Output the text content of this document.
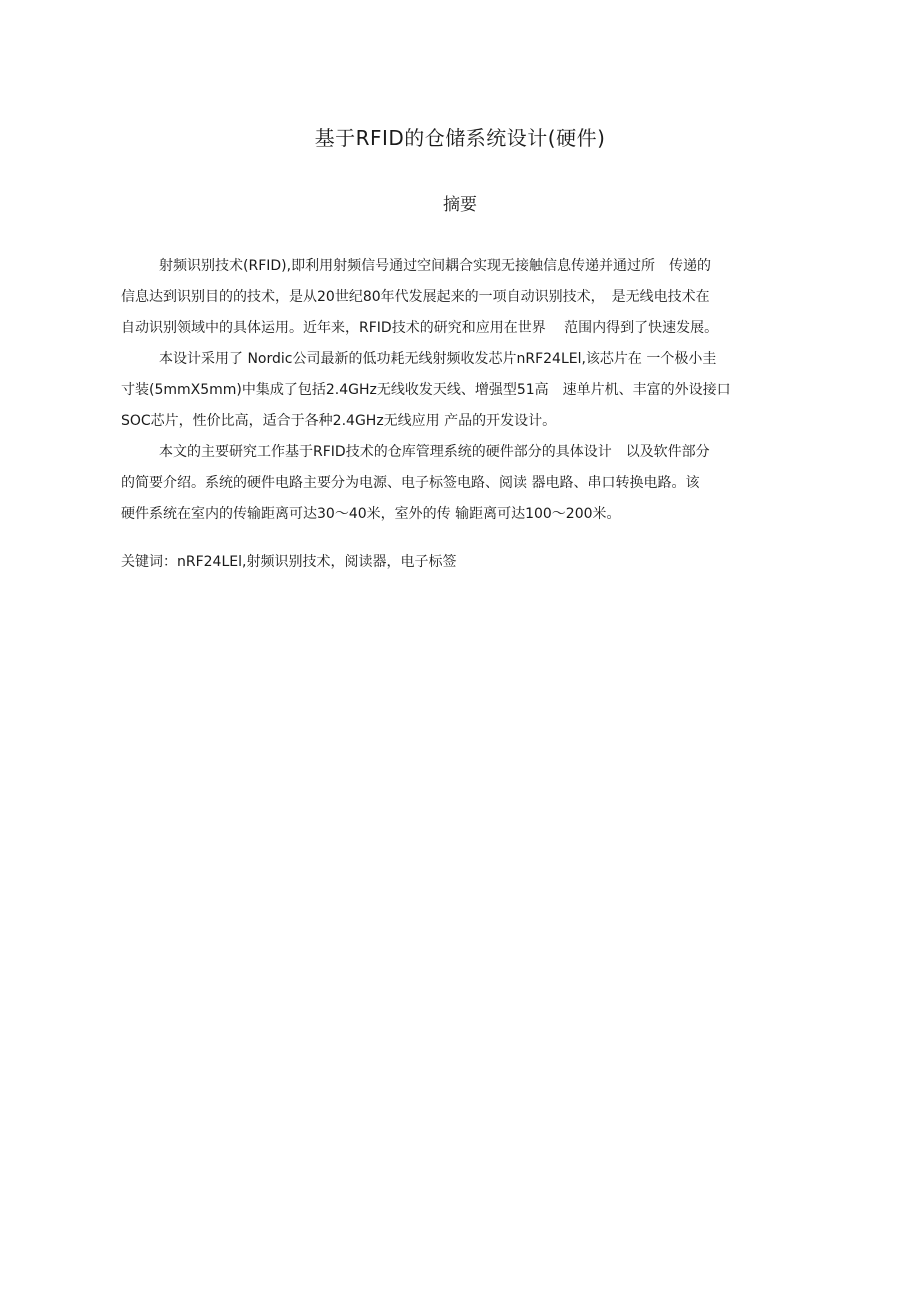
基于RFID的仓储系统设计(硬件)
摘要

射频识别技术(RFID),即利用射频信号通过空间耦合实现无接触信息传递并通过所　传递的
信息达到识别目的的技术，是从20世纪80年代发展起来的一项自动识别技术，　是无线电技术在
自动识别领域中的具体运用。近年来，RFID技术的研究和应用在世界　 范围内得到了快速发展。

本设计采用了 Nordic公司最新的低功耗无线射频收发芯片nRF24LEl,该芯片在 一个极小圭
寸装(5mmX5mm)中集成了包括2.4GHz无线收发天线、增强型51高　速单片机、丰富的外设接口
SOC芯片，性价比高，适合于各种2.4GHz无线应用 产品的开发设计。

本文的主要研究工作基于RFID技术的仓库管理系统的硬件部分的具体设计　以及软件部分
的简要介绍。系统的硬件电路主要分为电源、电子标签电路、阅读 器电路、串口转换电路。该
硬件系统在室内的传输距离可达30～40米，室外的传 输距离可达100～200米。

关键词：nRF24LEl,射频识别技术，阅读器，电子标签
